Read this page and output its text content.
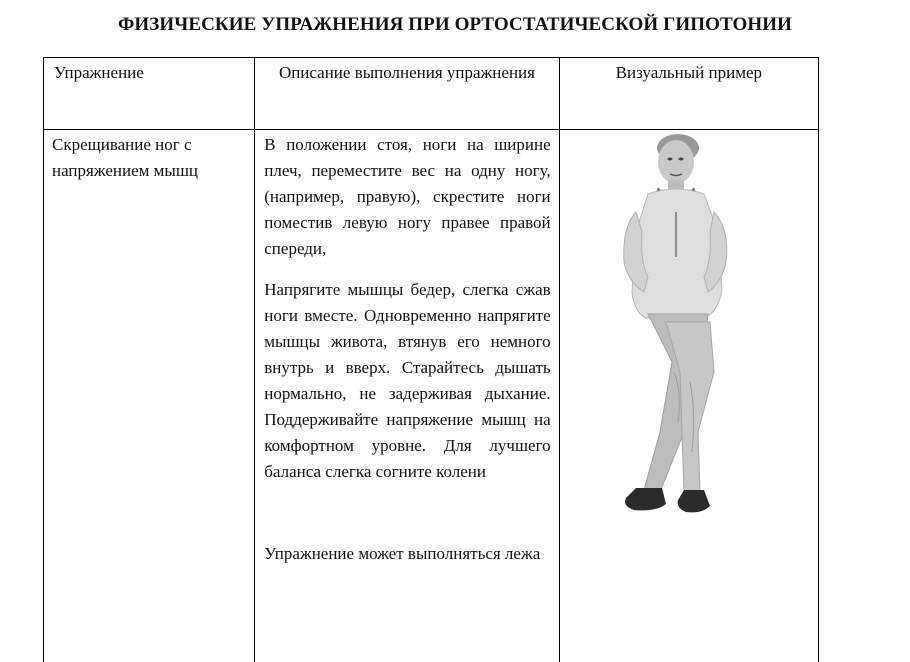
ФИЗИЧЕСКИЕ УПРАЖНЕНИЯ ПРИ ОРТОСТАТИЧЕСКОЙ ГИПОТОНИИ
Упражнение	Описание выполнения упражнения	Визуальный пример

Скрещивание ног с напряжением мышц	В положении стоя, ноги на ширине плеч, переместите вес на одну ногу, (например, правую), скрестите ноги поместив левую ногу правее правой спереди,

Напрягите мышцы бедер, слегка сжав ноги вместе. Одновременно напрягите мышцы живота, втянув его немного внутрь и вверх. Старайтесь дышать нормально, не задерживая дыхание. Поддерживайте напряжение мышц на комфортном уровне. Для лучшего баланса слегка согните колени

Упражнение может выполняться лежа
